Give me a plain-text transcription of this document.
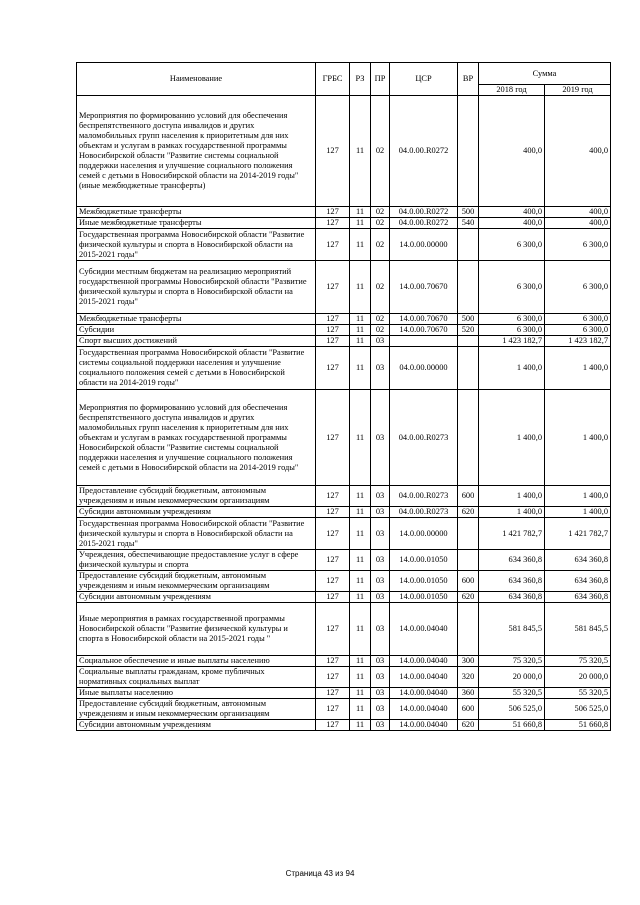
Наименование	ГРБС	РЗ	ПР	ЦСР	ВР	Сумма	
						2018 год	2019 год
Мероприятия по формированию условий для обеспечения беспрепятственного доступа инвалидов и других маломобильных групп населения к приоритетным для них объектам и услугам в рамках государственной программы Новосибирской области "Развитие системы социальной поддержки населения и улучшение социального положения семей с детьми в Новосибирской области на 2014-2019 годы" (иные межбюджетные трансферты)	127	11	02	04.0.00.R0272		400,0	400,0
Межбюджетные трансферты	127	11	02	04.0.00.R0272	500	400,0	400,0
Иные межбюджетные трансферты	127	11	02	04.0.00.R0272	540	400,0	400,0
Государственная программа Новосибирской области "Развитие физической культуры и спорта в Новосибирской области на 2015-2021 годы"	127	11	02	14.0.00.00000		6 300,0	6 300,0
Субсидии местным бюджетам на реализацию мероприятий государственной программы Новосибирской области "Развитие физической культуры и спорта в Новосибирской области на 2015-2021 годы"	127	11	02	14.0.00.70670		6 300,0	6 300,0
Межбюджетные трансферты	127	11	02	14.0.00.70670	500	6 300,0	6 300,0
Субсидии	127	11	02	14.0.00.70670	520	6 300,0	6 300,0
Спорт высших достижений	127	11	03			1 423 182,7	1 423 182,7
Государственная программа Новосибирской области "Развитие системы социальной поддержки населения и улучшение социального положения семей с детьми в Новосибирской области на 2014-2019 годы"	127	11	03	04.0.00.00000		1 400,0	1 400,0
Мероприятия по формированию условий для обеспечения беспрепятственного доступа инвалидов и других маломобильных групп населения к приоритетным для них объектам и услугам в рамках государственной программы Новосибирской области "Развитие системы социальной поддержки населения и улучшение социального положения семей с детьми в Новосибирской области на 2014-2019 годы"	127	11	03	04.0.00.R0273		1 400,0	1 400,0
Предоставление субсидий бюджетным, автономным учреждениям и иным некоммерческим организациям	127	11	03	04.0.00.R0273	600	1 400,0	1 400,0
Субсидии автономным учреждениям	127	11	03	04.0.00.R0273	620	1 400,0	1 400,0
Государственная программа Новосибирской области "Развитие физической культуры и спорта в Новосибирской области на 2015-2021 годы"	127	11	03	14.0.00.00000		1 421 782,7	1 421 782,7
Учреждения, обеспечивающие предоставление услуг в сфере физической культуры и спорта	127	11	03	14.0.00.01050		634 360,8	634 360,8
Предоставление субсидий бюджетным, автономным учреждениям и иным некоммерческим организациям	127	11	03	14.0.00.01050	600	634 360,8	634 360,8
Субсидии автономным учреждениям	127	11	03	14.0.00.01050	620	634 360,8	634 360,8
Иные мероприятия в рамках государственной программы Новосибирской области "Развитие физической культуры и спорта в Новосибирской области на 2015-2021 годы "	127	11	03	14.0.00.04040		581 845,5	581 845,5
Социальное обеспечение и иные выплаты населению	127	11	03	14.0.00.04040	300	75 320,5	75 320,5
Социальные выплаты гражданам, кроме публичных нормативных социальных выплат	127	11	03	14.0.00.04040	320	20 000,0	20 000,0
Иные выплаты населению	127	11	03	14.0.00.04040	360	55 320,5	55 320,5
Предоставление субсидий бюджетным, автономным учреждениям и иным некоммерческим организациям	127	11	03	14.0.00.04040	600	506 525,0	506 525,0
Субсидии автономным учреждениям	127	11	03	14.0.00.04040	620	51 660,8	51 660,8
Страница 43 из 94
